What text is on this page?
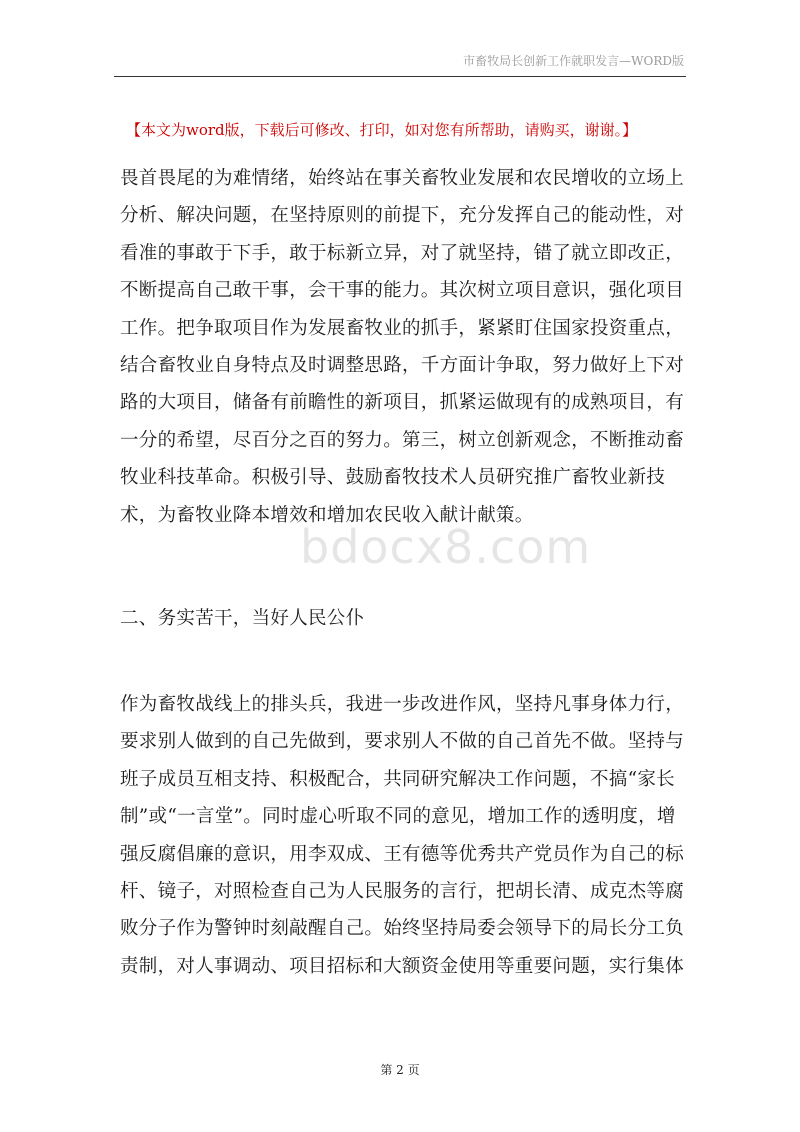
市畜牧局长创新工作就职发言—WORD版
【本文为word版，下载后可修改、打印，如对您有所帮助，请购买，谢谢。】

畏首畏尾的为难情绪，始终站在事关畜牧业发展和农民增收的立场上分析、解决问题，在坚持原则的前提下，充分发挥自己的能动性，对看准的事敢于下手，敢于标新立异，对了就坚持，错了就立即改正，不断提高自己敢干事，会干事的能力。其次树立项目意识，强化项目工作。把争取项目作为发展畜牧业的抓手，紧紧盯住国家投资重点，结合畜牧业自身特点及时调整思路，千方面计争取，努力做好上下对路的大项目，储备有前瞻性的新项目，抓紧运做现有的成熟项目，有一分的希望，尽百分之百的努力。第三，树立创新观念，不断推动畜牧业科技革命。积极引导、鼓励畜牧技术人员研究推广畜牧业新技术，为畜牧业降本增效和增加农民收入献计献策。

二、务实苦干，当好人民公仆

作为畜牧战线上的排头兵，我进一步改进作风，坚持凡事身体力行，要求别人做到的自己先做到，要求别人不做的自己首先不做。坚持与班子成员互相支持、积极配合，共同研究解决工作问题，不搞“家长制”或“一言堂”。同时虚心听取不同的意见，增加工作的透明度，增强反腐倡廉的意识，用李双成、王有德等优秀共产党员作为自己的标杆、镜子，对照检查自己为人民服务的言行，把胡长清、成克杰等腐败分子作为警钟时刻敲醒自己。始终坚持局委会领导下的局长分工负责制，对人事调动、项目招标和大额资金使用等重要问题，实行集体

bdocx8.com
第 2 页
